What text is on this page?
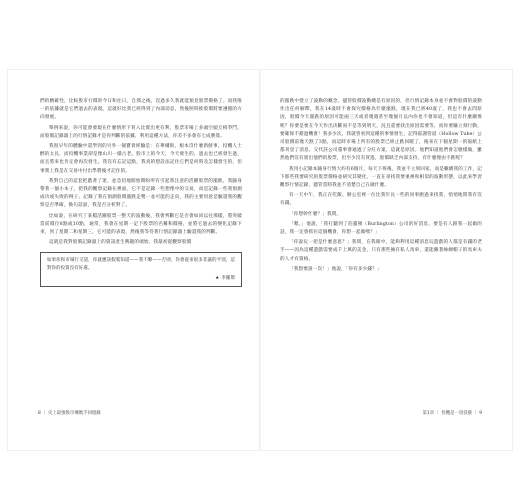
們的精確性，比較股市行價的今日和往日，自那之後，沒過多久我就能預見股票價格了。而我唯一的依據就是它們過去的表現，這就好比我已經得到了內部消息，然後照時推股價將要遵循的方向發展。

舉例來說，你可能會發現在什麼情形下買入比賣出更有利，股票市場上多頭空頭互相爭鬥，而股價記錄器上的行情記錄才是你判斷的依據，利用這種方法，你差不多會有七成勝算。

我很早年的體驗中還學到的另外一個寶貴經驗是：在華爾街，根本沒什麼新鮮事，投機人士醉的太長，而投機事業卻是像山川一樣古老。股市上的今天，今天發生的，過去也已經發生過，而且將來也肯定會再次發生。我沒有忘記這點，我真的想設法記住它們是何時及怎樣發生的，但事實上我是在交易中付出學費後才記住的。

我對自己的這套把戲著了迷，並急切地開始期盼所有引起我注意的活躍股票的漲跌，我隨身帶著一個小本子，把我的觀察記錄在裡面，它不是記錄一些想像中的交易，而是記錄一些我預測成功或失敗的例子。記錄了我在預測股價漲跌走勢一並可能的走向，我的主要用意是驗證我的觀察是否準確，換句話說，我是否分析對了。

比如說，在研究了某檔活躍股票一整天的波動後，我會判斷它是否會如同以往那樣，將突破當前價位8點或10點，通常，我會在星期一記下股票的名稱和價格，並將它過去的變化記錄下來，到了星期二和星期三，它可能的表現，然後我等待著行情記錄器上驗證我的判斷。

這就是我對股價記錄器上的資訊產生興趣的端始。我最初從觀察股價

如果你和市場行交道，你就應該假裝知道——我不瞭——否則，你會從來很多非議的平別，這對你的投資沒有好處。
★ 李羅斯

的漲跌中建立了波動的概念，儘管股價波動總是有原因的，但行情記錄本身並不會對股價的波動作出任何解釋，我在14歲時不會探究價格為什麼漲跌，現在我已經40歲了，我也不會去問原因，股價今天漲跌的原因可能兩三天或者幾週甚至幾個月以內你也不會知道，但這有什麼關係呢？你要是要在今天作出決斷而不是等到明天，況且還要找出原因需要等，而你要賺立刻行動，要確保不錯過機會！我多少次，我就曾看到這種的事情發生，記得霍謝管道（Hollow Tube）公司股價前幾天跌了3點，而這時市場上所有的股票已經止跌回暖了，後來在下個星期一的報紙上都刊登了消息，交代該公司董事會通過了分紅方案，這就是原因。他們知道他們會怎麼樣做，雖然他們沒有賣出他們的股票，但至少沒有買進，股價缺乏內部支持，有什麼理由不跌呢？

我用小記錄本隨身行情大約有6個月，每天下班後，我並不立刻回家，而是繼續我的工作，記下那些我要研究的股票價格並研究其變化，一直在尋找我要重複和相似的波動形態，以此來學習觀察行情記錄，儘管當時我並不清楚自己在做什麼。

有一天中午，我正在吃飯，辦公室裡一位比我年長一些的同事跑過來找我，悄悄地問我有沒有錢。

「你想幹什麼？」我問。

「嗯，」他說，「我打聽到了伯靈頓（Burlington）公司的好消息，要是有人跟我一起做的話，我一定會抓住這個機會，你想一起做嗎？」

「你說玩一把是什麼意思？」我問，在我眼中，能夠利用這種消息玩遊戲的人都是有錢的老手——因為這種遊戲需要成千上萬的美金，只有那些擁有私人馬車，還能戴著絲綢帽子的馬車夫的人才有資格。

「我想要說一次！」他說，「你有多少錢？」

8 ｜ 史上最強股市傳媽手回憶錄	第1章 ｜ 投機是一項技藝 ｜ 9
